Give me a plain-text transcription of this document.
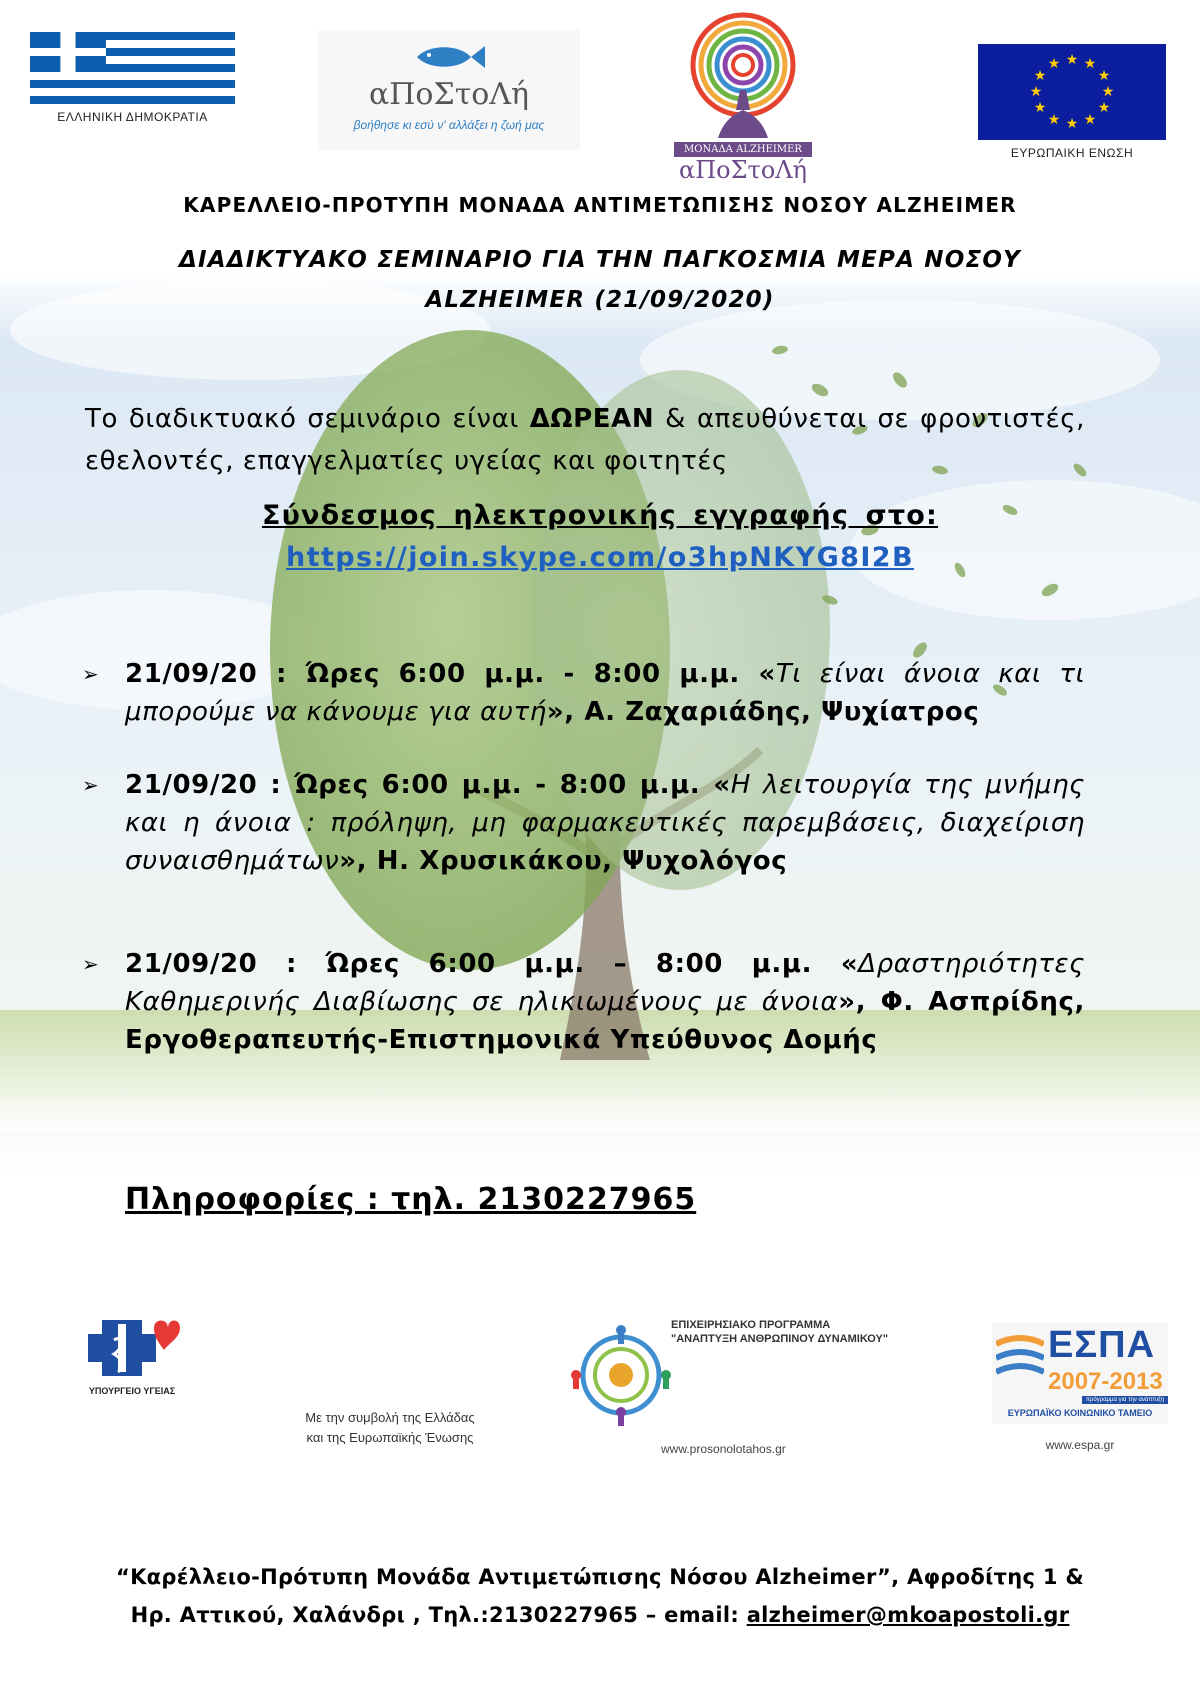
ΕΛΛΗΝΙΚΗ ΔΗΜΟΚΡΑΤΙΑ
αΠοΣτοΛή
βοήθησε κι εσύ ν' αλλάξει η ζωή μας
ΜΟΝΑΔΑ ALZHEIMER
αΠοΣτοΛή
★ ★
★
★
★
★
★
★
★
★
★
★
ΕΥΡΩΠΑΙΚΗ ΕΝΩΣΗ
ΚΑΡΕΛΛΕΙΟ-ΠΡΟΤΥΠΗ ΜΟΝΑΔΑ ΑΝΤΙΜΕΤΩΠΙΣΗΣ ΝΟΣΟΥ ALZHEIMER
ΔΙΑΔΙΚΤΥΑΚΟ ΣΕΜΙΝΑΡΙΟ ΓΙΑ ΤΗΝ ΠΑΓΚΟΣΜΙΑ ΜΕΡΑ ΝΟΣΟΥ
ALZHEIMER (21/09/2020)
Το διαδικτυακό σεμινάριο είναι ΔΩΡΕΑΝ & απευθύνεται σε φροντιστές, εθελοντές, επαγγελματίες υγείας και φοιτητές
Σύνδεσμος ηλεκτρονικής εγγραφής στο:
https://join.skype.com/o3hpNKYG8I2B
➢ 21/09/20 : Ώρες 6:00 μ.μ. - 8:00 μ.μ. «Τι είναι άνοια και τι μπορούμε να κάνουμε για αυτή», Α. Ζαχαριάδης, Ψυχίατρος
➢ 21/09/20 : Ώρες 6:00 μ.μ. - 8:00 μ.μ. «Η λειτουργία της μνήμης και η άνοια : πρόληψη, μη φαρμακευτικές παρεμβάσεις, διαχείριση συναισθημάτων», Η. Χρυσικάκου, Ψυχολόγος
➢ 21/09/20 : Ώρες 6:00 μ.μ. – 8:00 μ.μ. «Δραστηριότητες Καθημερινής Διαβίωσης σε ηλικιωμένους με άνοια», Φ. Ασπρίδης, Εργοθεραπευτής-Επιστημονικά Υπεύθυνος Δομής
Πληροφορίες : τηλ. 2130227965
ΥΠΟΥΡΓΕΙΟ ΥΓΕΙΑΣ
Με την συμβολή της Ελλάδας
και της Ευρωπαϊκής Ένωσης
ΕΠΙΧΕΙΡΗΣΙΑΚΟ ΠΡΟΓΡΑΜΜΑ
"ΑΝΑΠΤΥΞΗ ΑΝΘΡΩΠΙΝΟΥ ΔΥΝΑΜΙΚΟΥ"
www.prosonolotahos.gr
ΕΣΠΑ
2007-2013
πρόγραμμα για την ανάπτυξη
ΕΥΡΩΠΑΪΚΟ ΚΟΙΝΩΝΙΚΟ ΤΑΜΕΙΟ
www.espa.gr
“Καρέλλειο-Πρότυπη Μονάδα Αντιμετώπισης Νόσου Alzheimer”, Αφροδίτης 1 &
Ηρ. Αττικού, Χαλάνδρι , Τηλ.:2130227965 – email: alzheimer@mkoapostoli.gr
